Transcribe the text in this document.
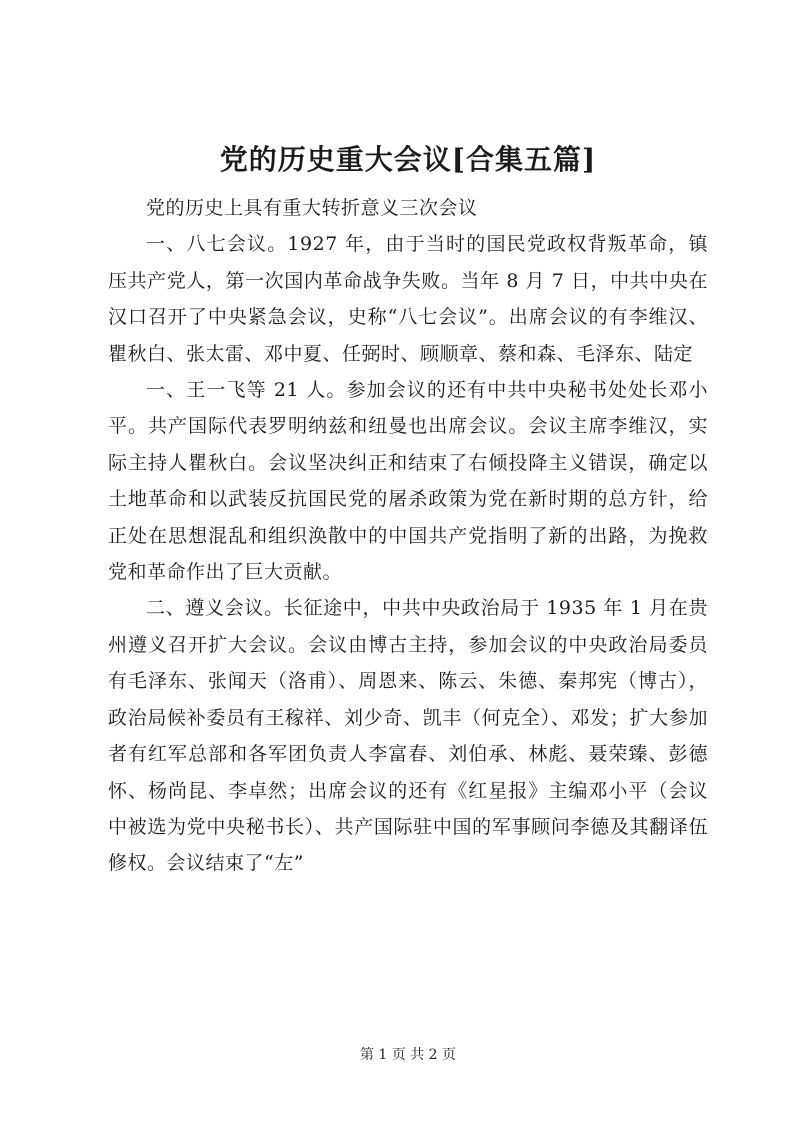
党的历史重大会议[合集五篇]

党的历史上具有重大转折意义三次会议

一、八七会议。1927 年，由于当时的国民党政权背叛革命，镇压共产党人，第一次国内革命战争失败。当年 8 月 7 日，中共中央在汉口召开了中央紧急会议，史称“八七会议”。出席会议的有李维汉、瞿秋白、张太雷、邓中夏、任弼时、顾顺章、蔡和森、毛泽东、陆定

一、王一飞等 21 人。参加会议的还有中共中央秘书处处长邓小平。共产国际代表罗明纳兹和纽曼也出席会议。会议主席李维汉，实际主持人瞿秋白。会议坚决纠正和结束了右倾投降主义错误，确定以土地革命和以武装反抗国民党的屠杀政策为党在新时期的总方针，给正处在思想混乱和组织涣散中的中国共产党指明了新的出路，为挽救党和革命作出了巨大贡献。

二、遵义会议。长征途中，中共中央政治局于 1935 年 1 月在贵州遵义召开扩大会议。会议由博古主持，参加会议的中央政治局委员有毛泽东、张闻天（洛甫）、周恩来、陈云、朱德、秦邦宪（博古），政治局候补委员有王稼祥、刘少奇、凯丰（何克全）、邓发；扩大参加者有红军总部和各军团负责人李富春、刘伯承、林彪、聂荣臻、彭德怀、杨尚昆、李卓然；出席会议的还有《红星报》主编邓小平（会议中被选为党中央秘书长）、共产国际驻中国的军事顾问李德及其翻译伍修权。会议结束了“左”

第 1 页 共 2 页
